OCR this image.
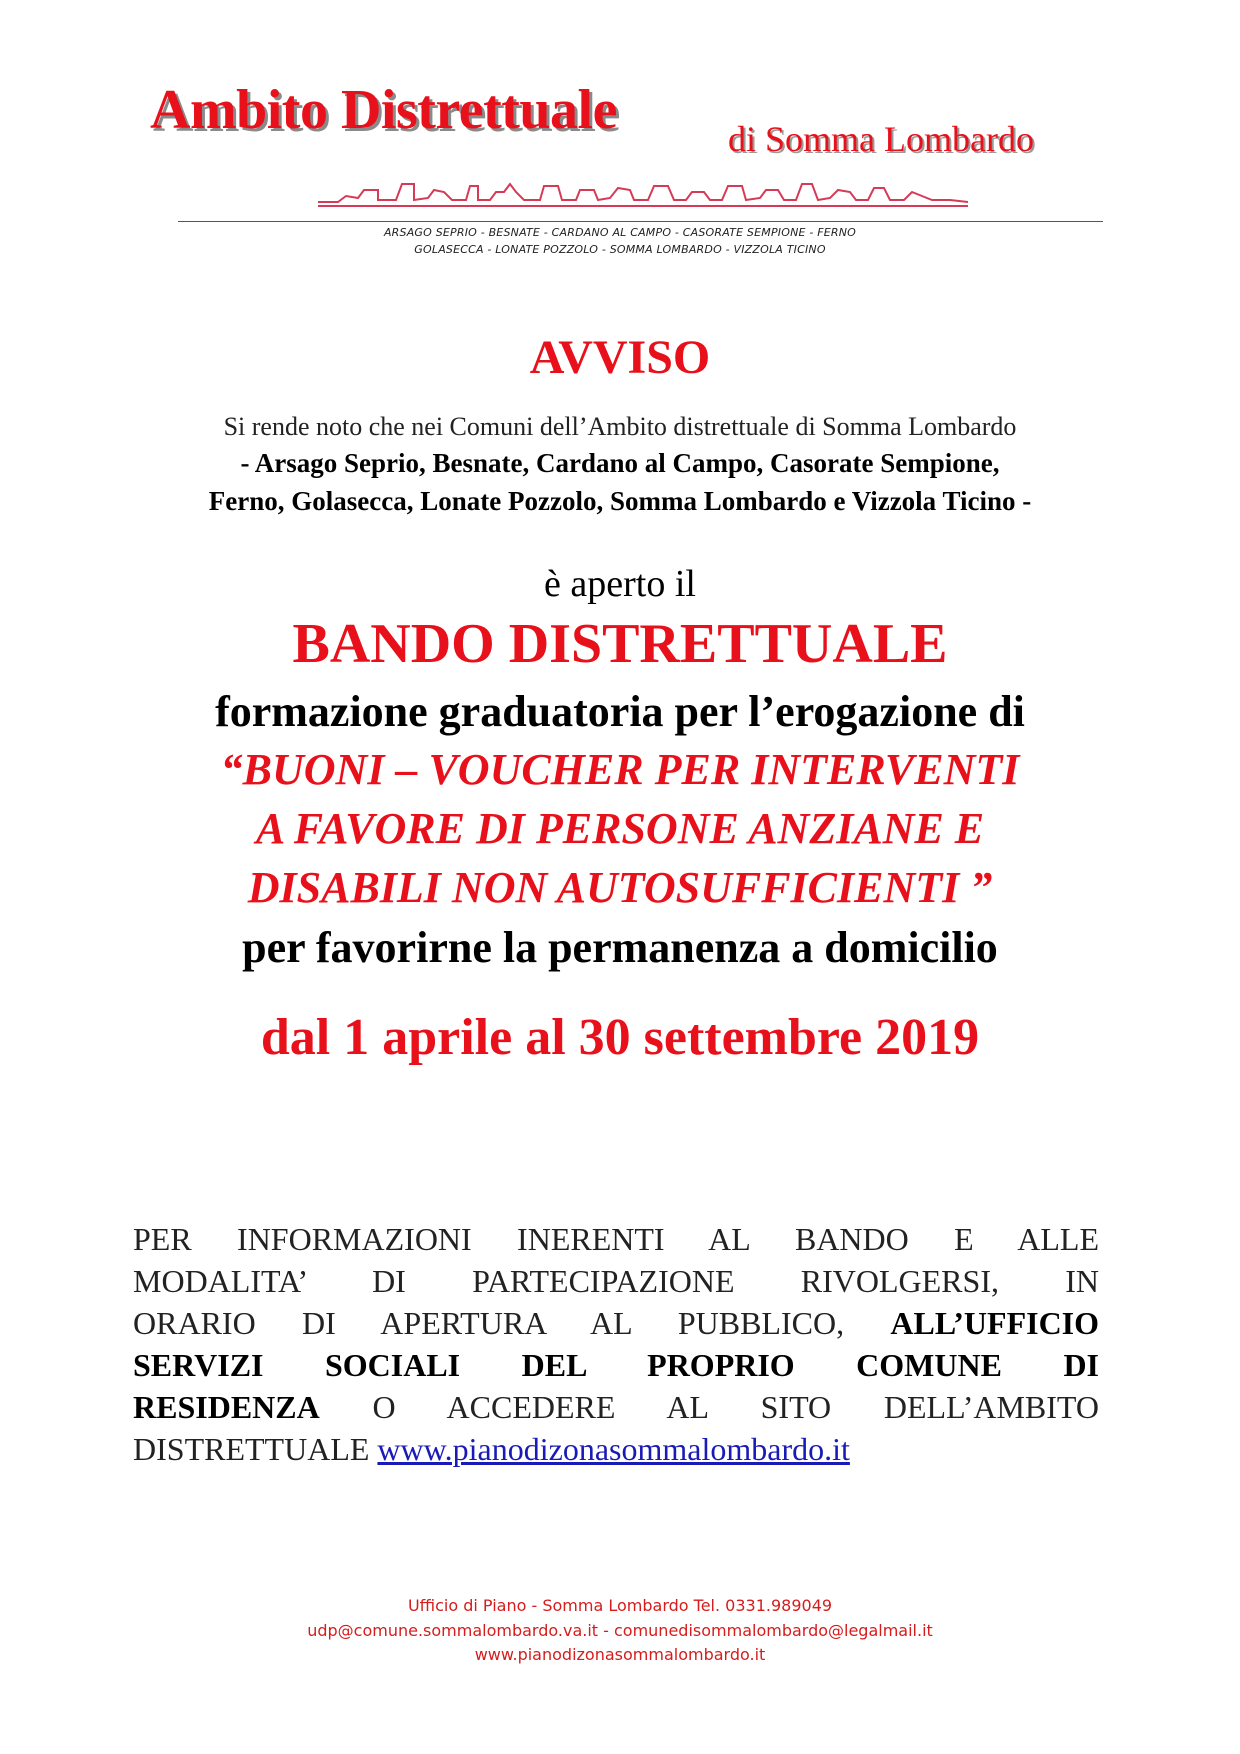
Ambito Distrettuale	di Somma Lombardo
ARSAGO SEPRIO - BESNATE - CARDANO AL CAMPO - CASORATE SEMPIONE - FERNO
GOLASECCA - LONATE POZZOLO - SOMMA LOMBARDO - VIZZOLA TICINO
AVVISO
Si rende noto che nei Comuni dell’Ambito distrettuale di Somma Lombardo
- Arsago Seprio, Besnate, Cardano al Campo, Casorate Sempione,
Ferno, Golasecca, Lonate Pozzolo, Somma Lombardo e Vizzola Ticino -
è aperto il
BANDO DISTRETTUALE
formazione graduatoria per l’erogazione di
“BUONI – VOUCHER PER INTERVENTI
A FAVORE DI PERSONE ANZIANE E
DISABILI NON AUTOSUFFICIENTI ”
per favorirne la permanenza a domicilio
dal 1 aprile al 30 settembre 2019
PER INFORMAZIONI INERENTI AL BANDO E ALLE
MODALITA’ DI PARTECIPAZIONE RIVOLGERSI, IN
ORARIO DI APERTURA AL PUBBLICO, ALL’UFFICIO
SERVIZI SOCIALI DEL PROPRIO COMUNE DI
RESIDENZA O ACCEDERE AL SITO DELL’AMBITO
DISTRETTUALE www.pianodizonasommalombardo.it
Ufficio di Piano - Somma Lombardo Tel. 0331.989049
udp@comune.sommalombardo.va.it - comunedisommalombardo@legalmail.it
www.pianodizonasommalombardo.it
